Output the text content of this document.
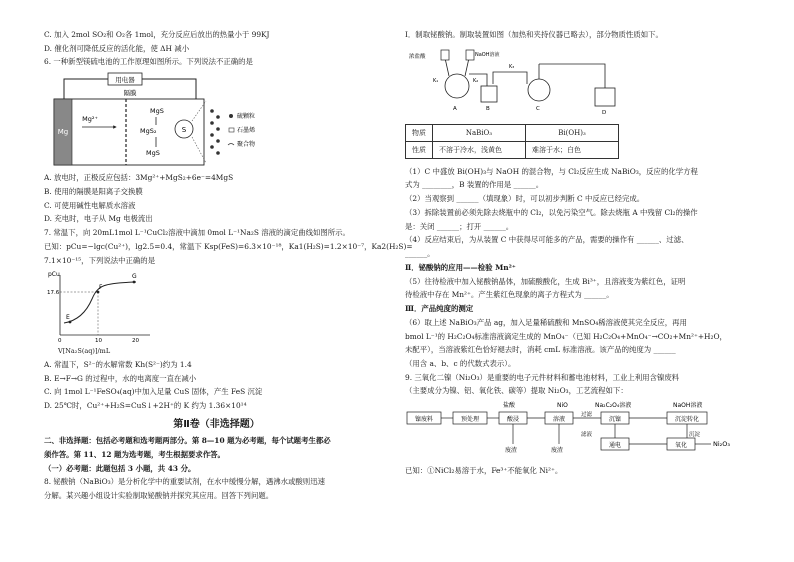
C. 加入 2mol SO₂和 O₂各 1mol，充分反应后放出的热量小于 99KJ
D. 催化剂可降低反应的活化能，使 ΔH 减小
6. 一种新型镁硫电池的工作原理如图所示。下列说法不正确的是
用电器
隔膜
Mg
Mg²⁺
MgS
MgS₂
MgS
S
硫颗粒
石墨烯
聚合物
A. 放电时，正极反应包括：3Mg²⁺+MgS₂+6e⁻=4MgS
B. 使用的隔膜是阳离子交换膜
C. 可使用碱性电解质水溶液
D. 充电时，电子从 Mg 电极流出
7. 常温下，向 20mL1mol L⁻¹CuCl₂溶液中滴加 0mol L⁻¹Na₂S 溶液的滴定曲线如图所示。
已知：pCu=−lgc(Cu²⁺)，lg2.5=0.4，常温下 Ksp(FeS)=6.3×10⁻¹⁸，Ka1(H₂S)=1.2×10⁻⁷，Ka2(H₂S)=
7.1×10⁻¹⁵，下列说法中正确的是
pCu
17.6
E
F
G
0	10	20
V[Na₂S(aq)]/mL
A. 常温下，S²⁻的水解常数 Kh(S²⁻)约为 1.4
B. E→F→G 的过程中，水的电离度一直在减小
C. 向 1mol L⁻¹FeSO₄(aq)中加入足量 CuS 固体，产生 FeS 沉淀
D. 25℃时，Cu²⁺+H₂S=CuS↓+2H⁺的 K 约为 1.36×10¹⁴
第Ⅱ卷（非选择题）
二、非选择题：包括必考题和选考题两部分。第 8—10 题为必考题，每个试题考生都必
须作答。第 11、12 题为选考题，考生根据要求作答。
（一）必考题：此题包括 3 小题，共 43 分。
8. 铋酸钠（NaBiO₃）是分析化学中的重要试剂，在水中缓慢分解，遇沸水或酸则迅速
分解。某兴趣小组设计实验制取铋酸钠并探究其应用。回答下列问题。
Ⅰ．制取铋酸钠。制取装置如图（加热和夹持仪器已略去），部分物质性质如下。
浓盐酸	NaOH溶液
K₁	K₂
K₃
A	B	C
D
物质	NaBiO₃	Bi(OH)₃
性质	不溶于冷水，浅黄色	难溶于水；白色
（1）C 中盛放 Bi(OH)₃与 NaOH 的混合物，与 Cl₂反应生成 NaBiO₃，反应的化学方程
式为 ________，B 装置的作用是 ______。
（2）当观察到 ______（填现象）时，可以初步判断 C 中反应已经完成。
（3）拆除装置前必须先除去烧瓶中的 Cl₂，以免污染空气。除去烧瓶 A 中残留 Cl₂的操作
是：关闭 ______；打开 ______。
（4）反应结束后，为从装置 C 中获得尽可能多的产品，需要的操作有 ______、过滤、
______。
Ⅱ．铋酸钠的应用——检验 Mn²⁺
（5）往待检液中加入铋酸钠晶体，加硫酸酸化，生成 Bi³⁺，且溶液变为紫红色，证明
待检液中存在 Mn²⁺。产生紫红色现象的离子方程式为 ______。
Ⅲ．产品纯度的测定
（6）取上述 NaBiO₃产品 ag，加入足量稀硫酸和 MnSO₄稀溶液使其完全反应，再用
bmol L⁻¹的 H₂C₂O₄标准溶液滴定生成的 MnO₄⁻（已知 H₂C₂O₄+MnO₄⁻→CO₂+Mn²⁺+H₂O，
未配平），当溶液紫红色恰好褪去时，消耗 cmL 标准溶液。该产品的纯度为 ______
（用含 a、b、c 的代数式表示）。
9. 三氧化二镍（Ni₂O₃）是重要的电子元件材料和蓄电池材料，工业上利用含镍废料
（主要成分为镍、铝、氧化铁、碳等）提取 Ni₂O₃，工艺流程如下：
盐酸	NiO	Na₂C₂O₄溶液	NaOH溶液
镍废料	预处理	酸浸	溶液	沉镍	沉淀转化
过滤
沉淀
滤液
废渣	废渣
通电	氧化	Ni₂O₃
已知：①NiCl₂易溶于水，Fe³⁺不能氧化 Ni²⁺。
